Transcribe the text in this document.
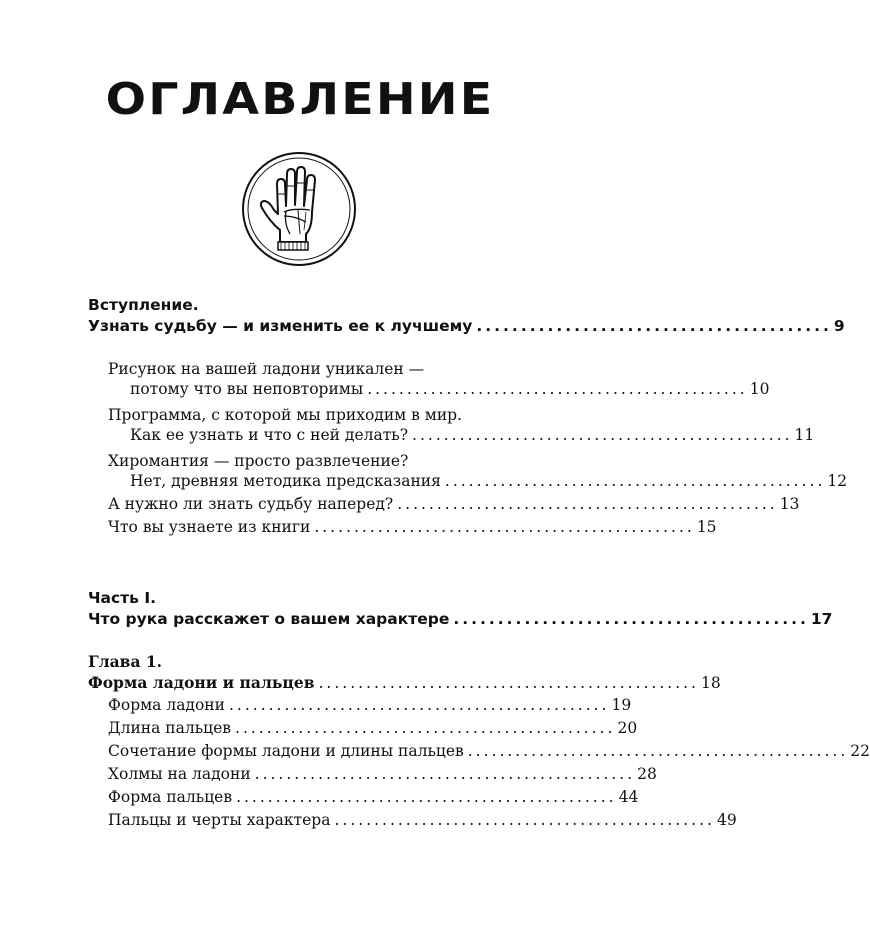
ОГЛАВЛЕНИЕ
Вступление.
Узнать судьбу — и изменить ее к лучшему ........................................ 9
Рисунок на вашей ладони уникален —
потому что вы неповторимы ................................................ 10
Программа, с которой мы приходим в мир.
Как ее узнать и что с ней делать? ................................................ 11
Хиромантия — просто развлечение?
Нет, древняя методика предсказания ................................................ 12
А нужно ли знать судьбу наперед? ................................................ 13
Что вы узнаете из книги ................................................ 15
Часть I.
Что рука расскажет о вашем характере ........................................ 17
Глава 1.
Форма ладони и пальцев ................................................ 18
Форма ладони ................................................ 19
Длина пальцев ................................................ 20
Сочетание формы ладони и длины пальцев ................................................ 22
Холмы на ладони ................................................ 28
Форма пальцев ................................................ 44
Пальцы и черты характера ................................................ 49
